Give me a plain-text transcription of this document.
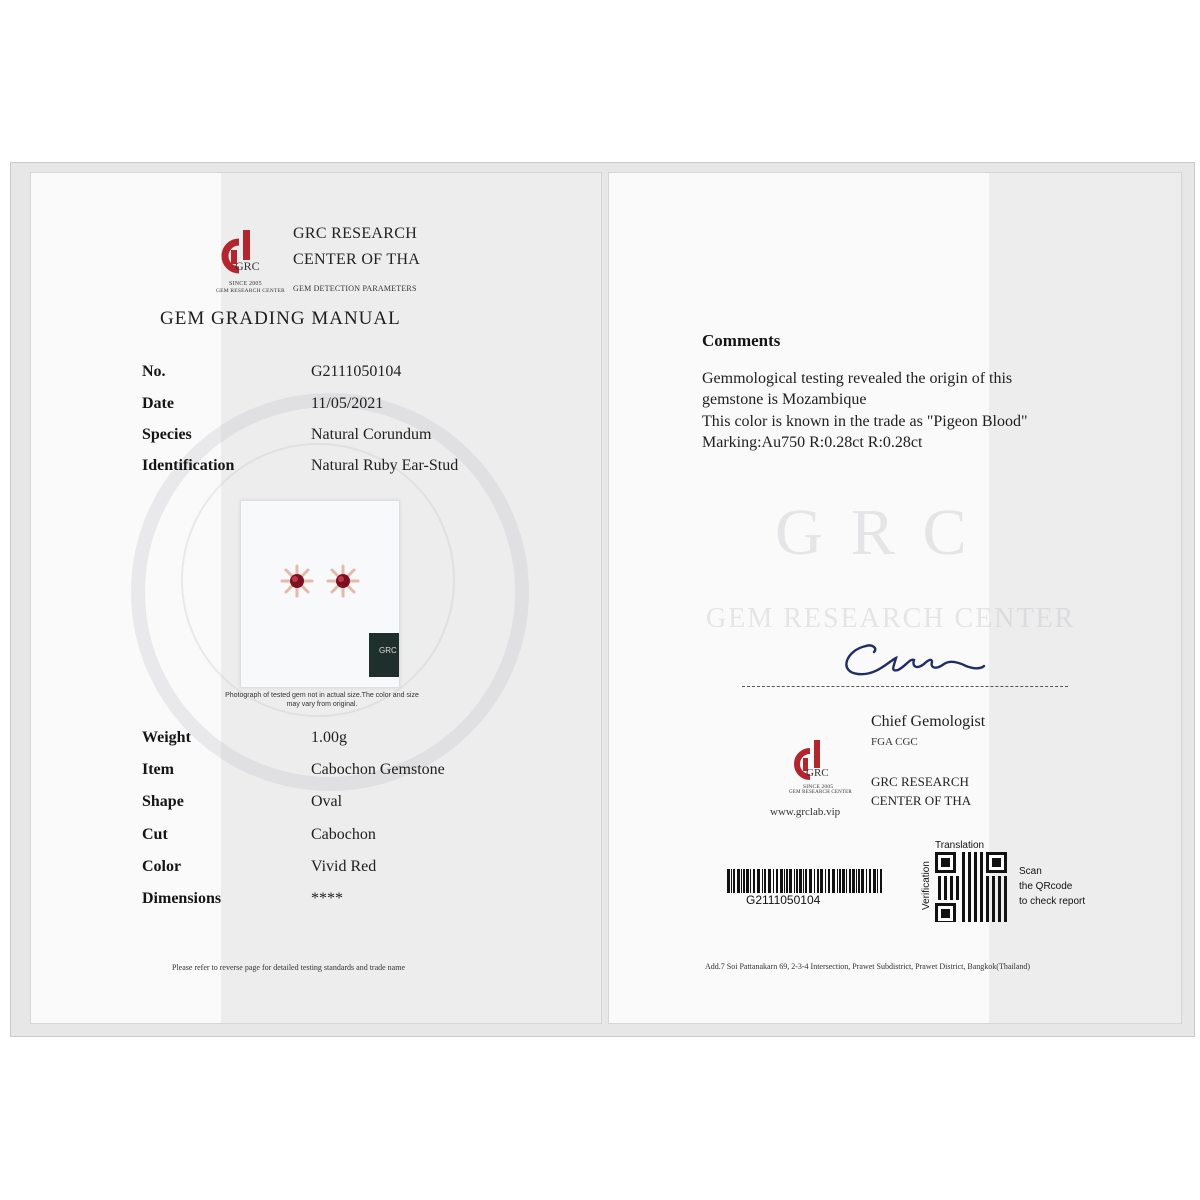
GRC
SINCE 2005
GEM RESEARCH CENTER
GRC RESEARCH
CENTER OF THA
GEM DETECTION PARAMETERS
GEM GRADING MANUAL
No.	G2111050104
Date	11/05/2021
Species	Natural Corundum
Identification	Natural Ruby Ear-Stud
GRC
Photograph of tested gem not in actual size.The color and size may vary from original.
Weight	1.00g
Item	Cabochon Gemstone
Shape	Oval
Cut	Cabochon
Color	Vivid Red
Dimensions	****
Please refer to reverse page for detailed testing standards and trade name
GRC
GEM RESEARCH CENTER
Comments
Gemmological testing revealed the origin of this
gemstone is Mozambique
This color is known in the trade as "Pigeon Blood"
Marking:Au750 R:0.28ct R:0.28ct
Chief Gemologist
FGA CGC
GRC
SINCE 2005
GEM RESEARCH CENTER
www.grclab.vip
GRC RESEARCH
CENTER OF THA
G2111050104
Translation
Verification	Scan
the QRcode
to check report
Add.7 Soi Pattanakarn 69, 2-3-4 Intersection, Prawet Subdistrict, Prawet District, Bangkok(Thailand)
